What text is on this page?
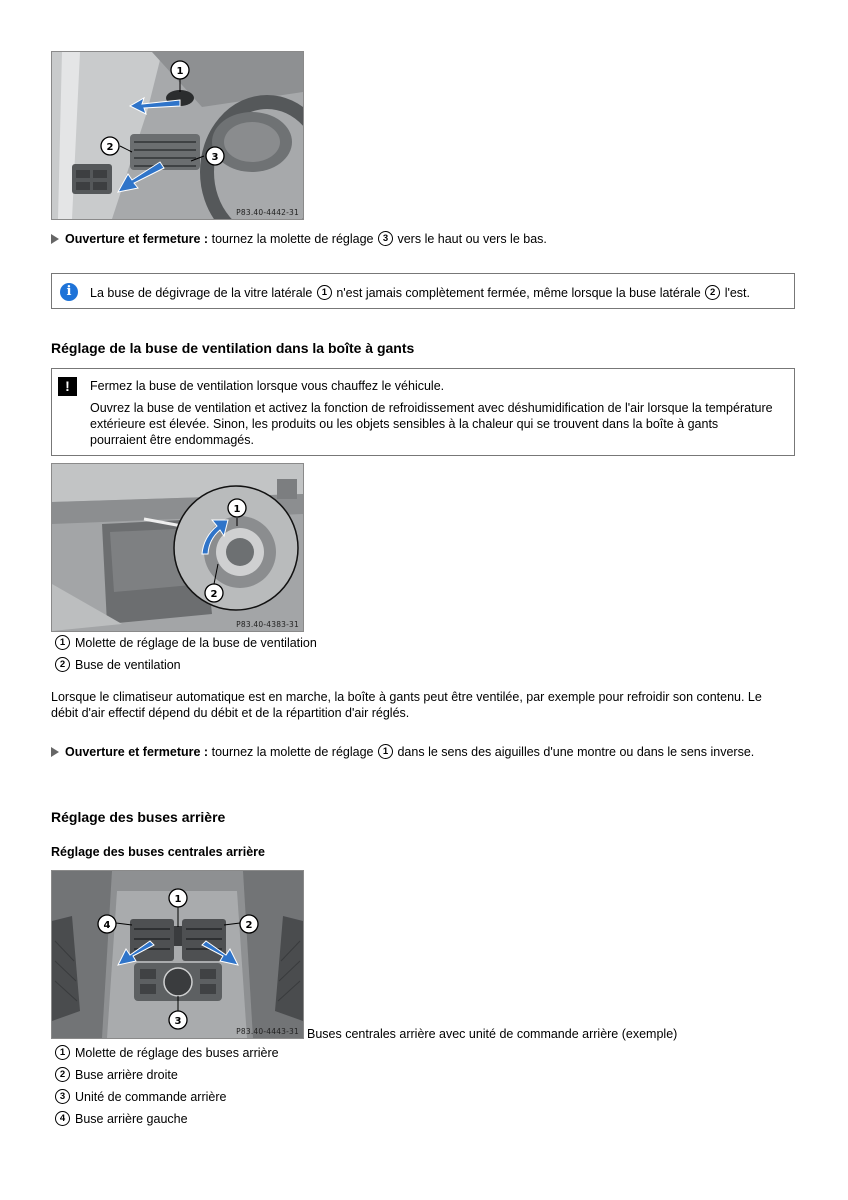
1
2
3
P83.40-4442-31
Ouverture et fermeture : tournez la molette de réglage 3 vers le haut ou vers le bas.
i	La buse de dégivrage de la vitre latérale 1 n'est jamais complètement fermée, même lorsque la buse latérale 2 l'est.
Réglage de la buse de ventilation dans la boîte à gants
!	Fermez la buse de ventilation lorsque vous chauffez le véhicule.
Ouvrez la buse de ventilation et activez la fonction de refroidissement avec déshumidification de l'air lorsque la température extérieure est élevée. Sinon, les produits ou les objets sensibles à la chaleur qui se trouvent dans la boîte à gants pourraient être endommagés.
1
2
P83.40-4383-31
1 Molette de réglage de la buse de ventilation
2 Buse de ventilation
Lorsque le climatiseur automatique est en marche, la boîte à gants peut être ventilée, par exemple pour refroidir son contenu. Le débit d'air effectif dépend du débit et de la répartition d'air réglés.
Ouverture et fermeture : tournez la molette de réglage 1 dans le sens des aiguilles d'une montre ou dans le sens inverse.
Réglage des buses arrière
Réglage des buses centrales arrière
1
2
3
4
P83.40-4443-31 Buses centrales arrière avec unité de commande arrière (exemple)
1 Molette de réglage des buses arrière
2 Buse arrière droite
3 Unité de commande arrière
4 Buse arrière gauche
